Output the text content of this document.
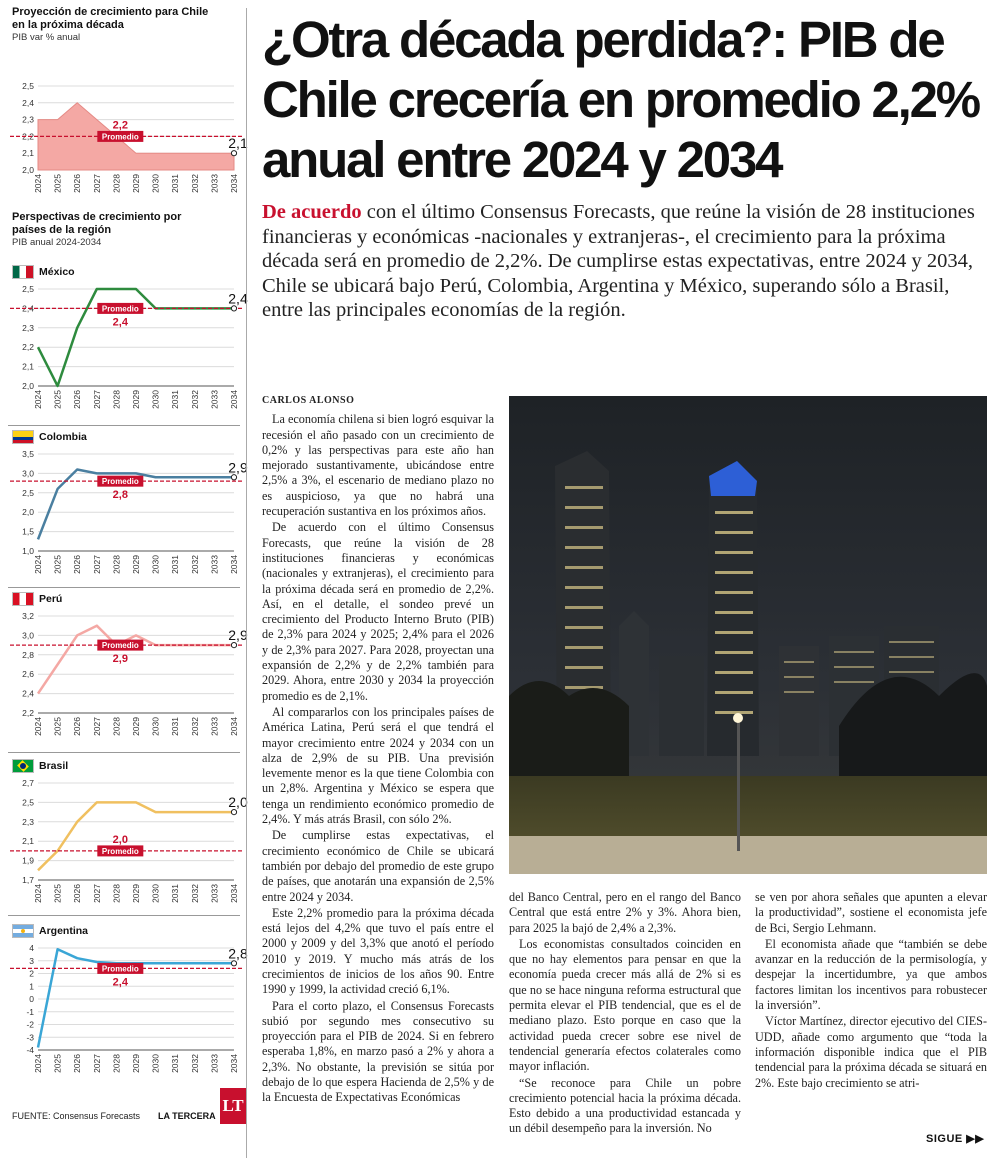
Proyección de crecimiento para Chile en la próxima década
PIB var % anual
2,0
2,1
2,2
2,3
2,4
2,5
2024 2025 2026 2027 2028 2029 2030 2031 2032 2033 2034
Promedio
2,2
2,1
Perspectivas de crecimiento por países de la región
PIB anual 2024-2034
México
2,0
2,1
2,2
2,3
2,4
2,5
2024 2025 2026 2027 2028 2029 2030 2031 2032 2033 2034
Promedio
2,4
2,4
Colombia
1,0
1,5
2,0
2,5
3,0
3,5
2024 2025 2026 2027 2028 2029 2030 2031 2032 2033 2034
Promedio
2,8
2,9
Perú
2,2
2,4
2,6
2,8
3,0
3,2
2024 2025 2026 2027 2028 2029 2030 2031 2032 2033 2034
Promedio
2,9
2,9
Brasil
1,7
1,9
2,1
2,3
2,5
2,7
2024 2025 2026 2027 2028 2029 2030 2031 2032 2033 2034
Promedio
2,0
2,0
Argentina
-4
-3
-2
-1
0
1
2
3
4
2024 2025 2026 2027 2028 2029 2030 2031 2032 2033 2034
Promedio
2,4
2,8
FUENTE: Consensus Forecasts LA TERCERA
LT
¿Otra década perdida?: PIB de Chile crecería en promedio 2,2% anual entre 2024 y 2034

De acuerdo con el último Consensus Forecasts, que reúne la visión de 28 instituciones financieras y económicas -nacionales y extranjeras-, el crecimiento para la próxima década será en promedio de 2,2%. De cumplirse estas expectativas, entre 2024 y 2034, Chile se ubicará bajo Perú, Colombia, Argentina y México, superando sólo a Brasil, entre las principales economías de la región.

CARLOS ALONSO

La economía chilena si bien logró esquivar la recesión el año pasado con un crecimiento de 0,2% y las perspectivas para este año han mejorado sustantivamente, ubicándose entre 2,5% a 3%, el escenario de mediano plazo no es auspicioso, ya que no habrá una recuperación sustantiva en los próximos años.

De acuerdo con el último Consensus Forecasts, que reúne la visión de 28 instituciones financieras y económicas (nacionales y extranjeras), el crecimiento para la próxima década será en promedio de 2,2%. Así, en el detalle, el sondeo prevé un crecimiento del Producto Interno Bruto (PIB) de 2,3% para 2024 y 2025; 2,4% para el 2026 y de 2,3% para 2027. Para 2028, proyectan una expansión de 2,2% y de 2,2% también para 2029. Ahora, entre 2030 y 2034 la proyección promedio es de 2,1%.

Al compararlos con los principales países de América Latina, Perú será el que tendrá el mayor crecimiento entre 2024 y 2034 con un alza de 2,9% de su PIB. Una previsión levemente menor es la que tiene Colombia con un 2,8%. Argentina y México se espera que tenga un rendimiento económico promedio de 2,4%. Y más atrás Brasil, con sólo 2%.

De cumplirse estas expectativas, el crecimiento económico de Chile se ubicará también por debajo del promedio de este grupo de países, que anotarán una expansión de 2,5% entre 2024 y 2034.

Este 2,2% promedio para la próxima década está lejos del 4,2% que tuvo el país entre el 2000 y 2009 y del 3,3% que anotó el período 2010 y 2019. Y mucho más atrás de los crecimientos de inicios de los años 90. Entre 1990 y 1999, la actividad creció 6,1%.

Para el corto plazo, el Consensus Forecasts subió por segundo mes consecutivo su proyección para el PIB de 2024. Si en febrero esperaba 1,8%, en marzo pasó a 2% y ahora a 2,3%. No obstante, la previsión se sitúa por debajo de lo que espera Hacienda de 2,5% y de la Encuesta de Expectativas Económicas

del Banco Central, pero en el rango del Banco Central que está entre 2% y 3%. Ahora bien, para 2025 la bajó de 2,4% a 2,3%.

Los economistas consultados coinciden en que no hay elementos para pensar en que la economía pueda crecer más allá de 2% si es que no se hace ninguna reforma estructural que permita elevar el PIB tendencial, que es el de mediano plazo. Esto porque en caso que la actividad pueda crecer sobre ese nivel de tendencial generaría efectos colaterales como mayor inflación.

“Se reconoce para Chile un pobre crecimiento potencial hacia la próxima década. Esto debido a una productividad estancada y un débil desempeño para la inversión. No

se ven por ahora señales que apunten a elevar la productividad”, sostiene el economista jefe de Bci, Sergio Lehmann.

El economista añade que “también se debe avanzar en la reducción de la permisología, y despejar la incertidumbre, ya que ambos factores limitan los incentivos para robustecer la inversión”.

Víctor Martínez, director ejecutivo del CIES-UDD, añade como argumento que “toda la información disponible indica que el PIB tendencial para la próxima década se situará en 2%. Este bajo crecimiento se atri-

SIGUE ▶▶
